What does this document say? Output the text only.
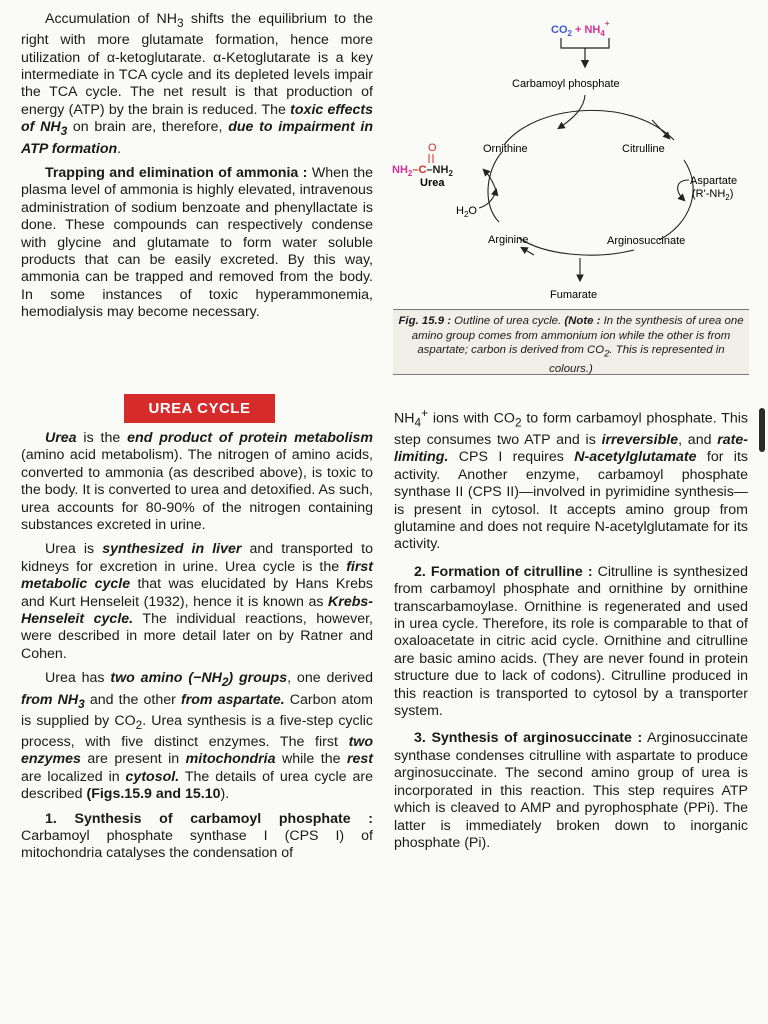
Accumulation of $NH_3$ shifts the equilibrium to the right with more glutamate formation, hence more utilization of α-ketoglutarate. α-Ketoglutarate is a key intermediate in TCA cycle and its depleted levels impair the TCA cycle. The net result is that production of energy (ATP) by the brain is reduced. The toxic effects of $NH_3$ on brain are, therefore, due to impairment in ATP formation.

Trapping and elimination of ammonia : When the plasma level of ammonia is highly elevated, intravenous administration of sodium benzoate and phenyllactate is done. These compounds can respectively condense with glycine and glutamate to form water soluble products that can be easily excreted. By this way, ammonia can be trapped and removed from the body. In some instances of toxic hyperammonemia, hemodialysis may become necessary.

UREA CYCLE

Urea is the end product of protein metabolism (amino acid metabolism). The nitrogen of amino acids, converted to ammonia (as described above), is toxic to the body. It is converted to urea and detoxified. As such, urea accounts for 80-90% of the nitrogen containing substances excreted in urine.

Urea is synthesized in liver and transported to kidneys for excretion in urine. Urea cycle is the first metabolic cycle that was elucidated by Hans Krebs and Kurt Henseleit (1932), hence it is known as Krebs-Henseleit cycle. The individual reactions, however, were described in more detail later on by Ratner and Cohen.

Urea has two amino $(-NH_2)$ groups, one derived from $NH_3$ and the other from aspartate. Carbon atom is supplied by $CO_2$. Urea synthesis is a five-step cyclic process, with five distinct enzymes. The first two enzymes are present in mitochondria while the rest are localized in cytosol. The details of urea cycle are described (Figs.15.9 and 15.10).

1. Synthesis of carbamoyl phosphate : Carbamoyl phosphate synthase I (CPS I) of mitochondria catalyses the condensation of

$NH_4^+$ ions with $CO_2$ to form carbamoyl phosphate. This step consumes two ATP and is irreversible, and rate-limiting. CPS I requires N-acetylglutamate for its activity. Another enzyme, carbamoyl phosphate synthase II (CPS II)—involved in pyrimidine synthesis—is present in cytosol. It accepts amino group from glutamine and does not require N-acetylglutamate for its activity.

2. Formation of citrulline : Citrulline is synthesized from carbamoyl phosphate and ornithine by ornithine transcarbamoylase. Ornithine is regenerated and used in urea cycle. Therefore, its role is comparable to that of oxaloacetate in citric acid cycle. Ornithine and citrulline are basic amino acids. (They are never found in protein structure due to lack of codons). Citrulline produced in this reaction is transported to cytosol by a transporter system.

3. Synthesis of arginosuccinate : Arginosuccinate synthase condenses citrulline with aspartate to produce arginosuccinate. The second amino group of urea is incorporated in this reaction. This step requires ATP which is cleaved to AMP and pyrophosphate (PPi). The latter is immediately broken down to inorganic phosphate (Pi).

$CO_2 + NH_4^+$
Carbamoyl phosphate
Ornithine	Citrulline
Aspartate
$(R'-NH_2)$
O
$NH_2-C-NH_2$
Urea
$H_2O$
Arginine	Arginosuccinate
Fumarate
Fig. 15.9 : Outline of urea cycle. (Note : In the synthesis of urea one amino group comes from ammonium ion while the other is from aspartate; carbon is derived from $CO_2$. This is represented in colours.)
